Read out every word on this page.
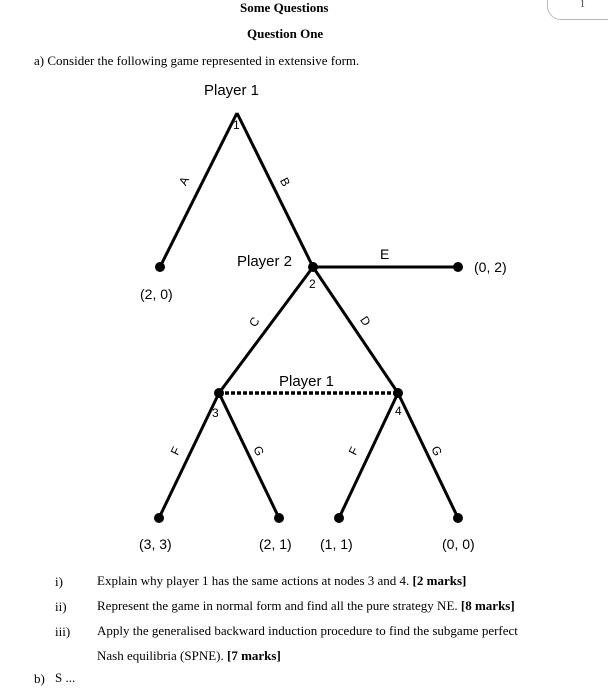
1
Some Questions
Question One
a) Consider the following game represented in extensive form.
Player 1
Player 2
Player 1
1
2
3	4
A	B
E
C	D
F	G	F	G
(2, 0)
(0, 2)
(3, 3)	(2, 1) (1, 1)	(0, 0)
i)	Explain why player 1 has the same actions at nodes 3 and 4. [2 marks]
ii) Represent the game in normal form and find all the pure strategy NE. [8 marks]
iii) Apply the generalised backward induction procedure to find the subgame perfect
Nash equilibria (SPNE). [7 marks]
b) S ...
